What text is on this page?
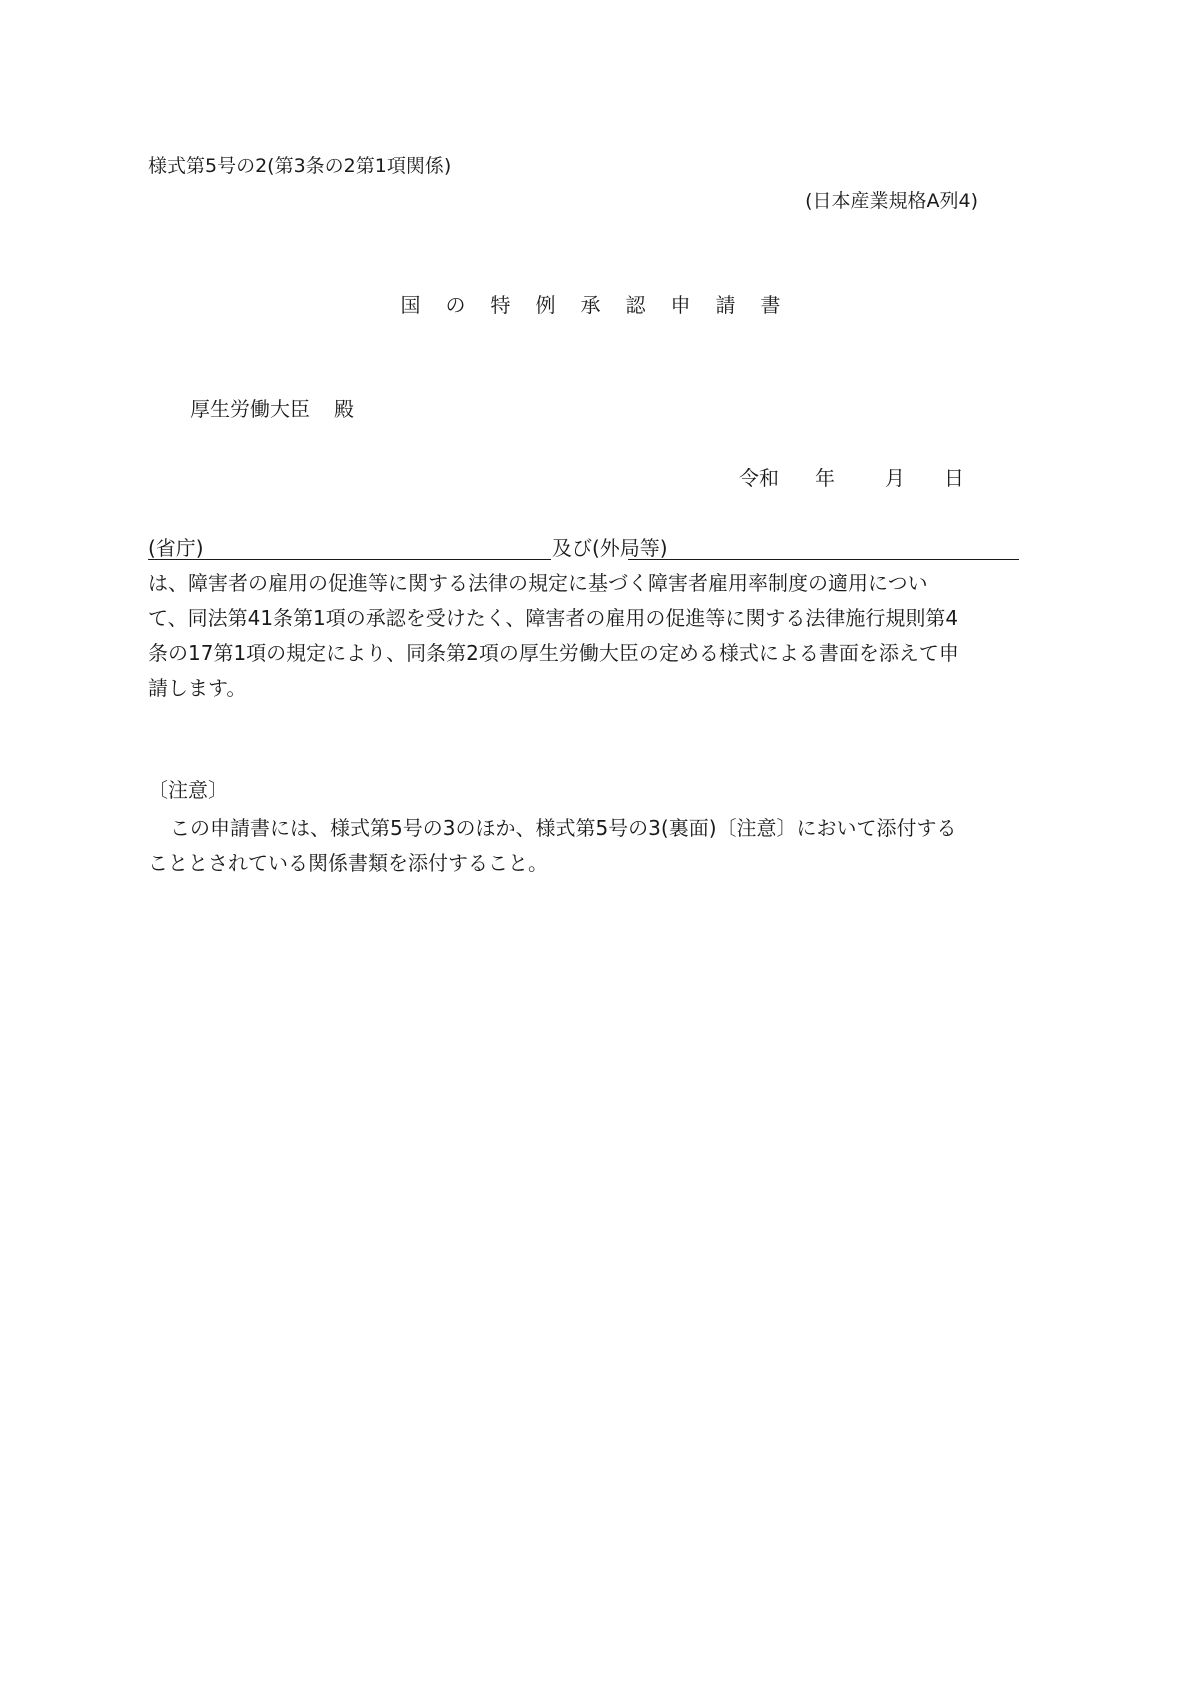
様式第5号の2(第3条の2第1項関係)
(日本産業規格A列4)
国の特例承認申請書
厚生労働大臣 殿
令和 年	月 日
(省庁)	及び(外局等)
は、障害者の雇用の促進等に関する法律の規定に基づく障害者雇用率制度の適用につい
て、同法第41条第1項の承認を受けたく、障害者の雇用の促進等に関する法律施行規則第4
条の17第1項の規定により、同条第2項の厚生労働大臣の定める様式による書面を添えて申
請します。
〔注意〕
この申請書には、様式第5号の3のほか、様式第5号の3(裏面)〔注意〕において添付する
こととされている関係書類を添付すること。
